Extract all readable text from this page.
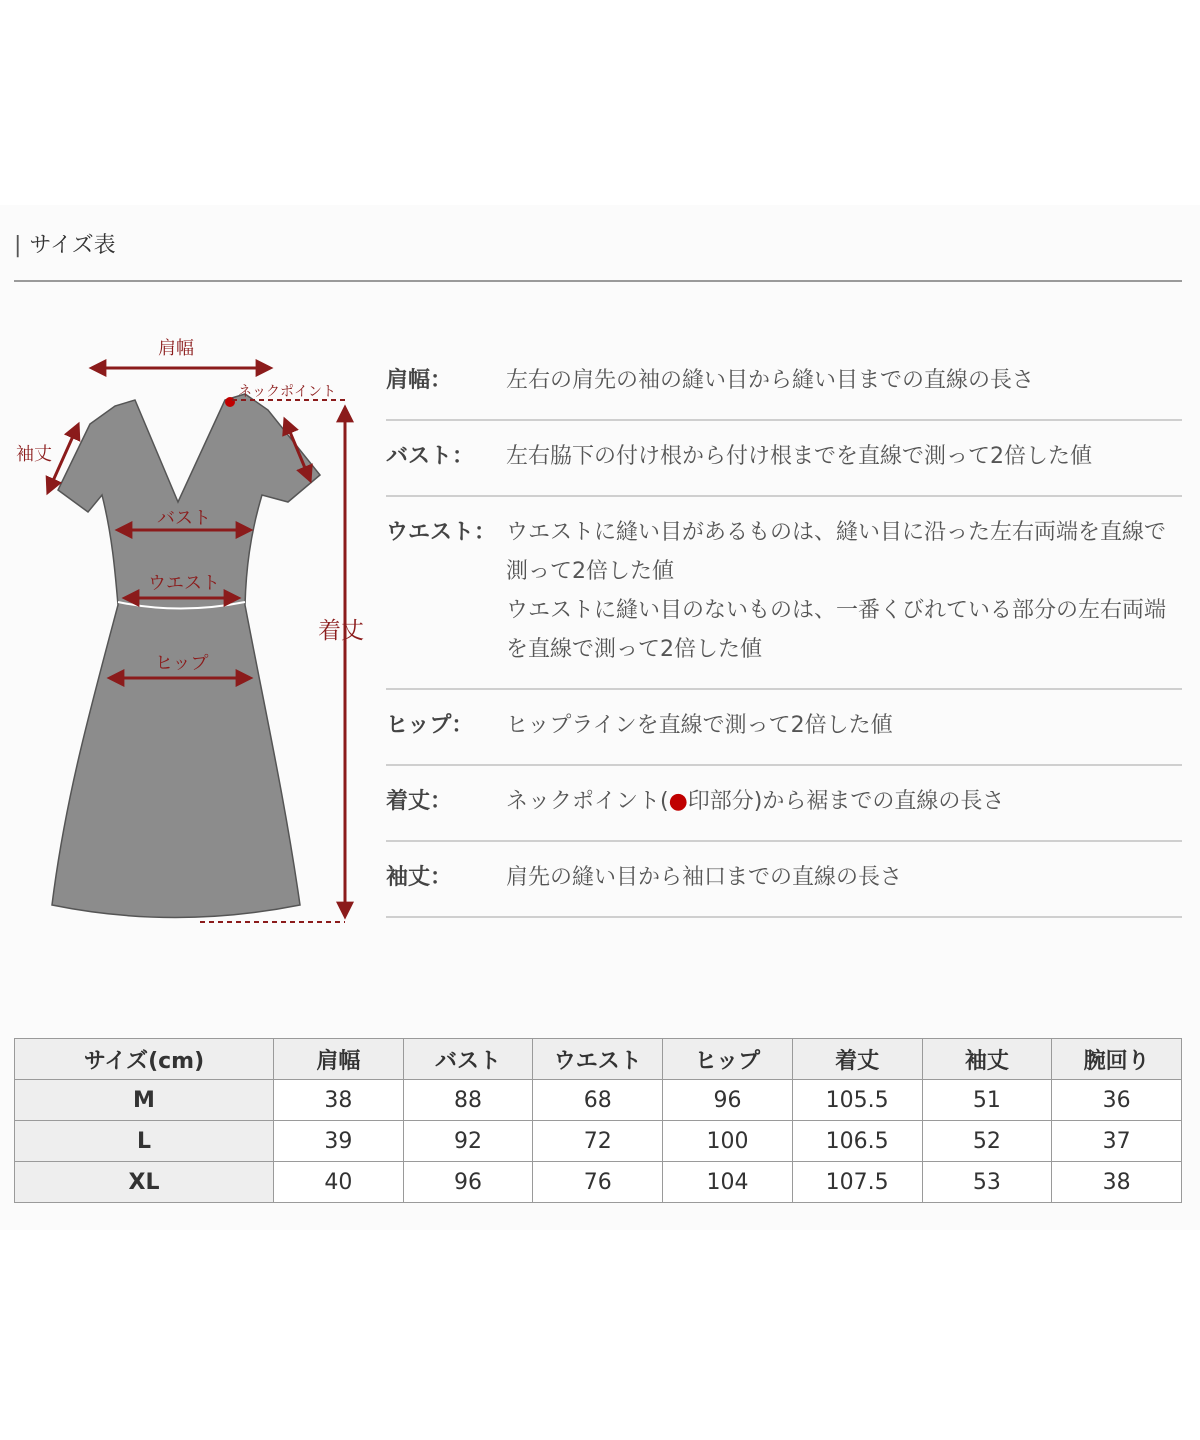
| サイズ表
肩幅
ネックポイント
袖丈
バスト
ウエスト
ヒップ
着丈
肩幅：	左右の肩先の袖の縫い目から縫い目までの直線の長さ

バスト：	左右脇下の付け根から付け根までを直線で測って2倍した値

ウエスト： ウエストに縫い目があるものは、縫い目に沿った左右両端を直線で測って2倍した値

ウエストに縫い目のないものは、一番くびれている部分の左右両端を直線で測って2倍した値

ヒップ：	ヒップラインを直線で測って2倍した値

着丈：	ネックポイント(●印部分)から裾までの直線の長さ

袖丈：	肩先の縫い目から袖口までの直線の長さ

サイズ(cm)	肩幅	バスト	ウエスト	ヒップ	着丈	袖丈	腕回り
M	38	88	68	96	105.5	51	36
L	39	92	72	100	106.5	52	37
XL	40	96	76	104	107.5	53	38
